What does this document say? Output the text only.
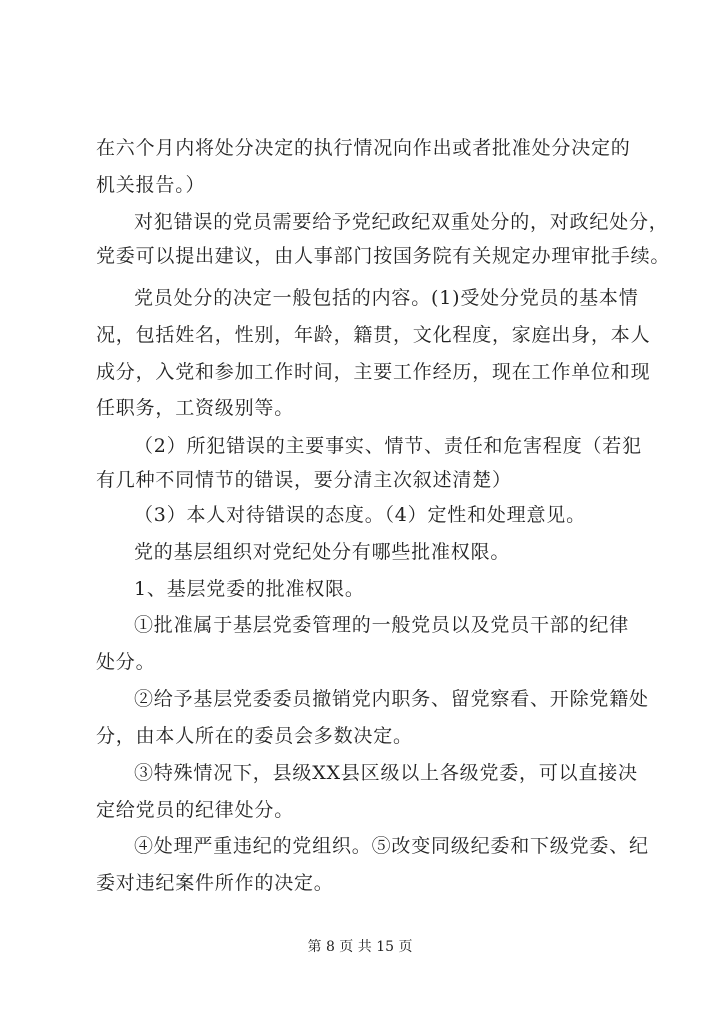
在六个月内将处分决定的执行情况向作出或者批准处分决定的

机关报告。）

对犯错误的党员需要给予党纪政纪双重处分的，对政纪处分，

党委可以提出建议，由人事部门按国务院有关规定办理审批手续。

党员处分的决定一般包括的内容。(1)受处分党员的基本情

况，包括姓名，性别，年龄，籍贯，文化程度，家庭出身，本人

成分，入党和参加工作时间，主要工作经历，现在工作单位和现

任职务，工资级别等。

（2）所犯错误的主要事实、情节、责任和危害程度（若犯

有几种不同情节的错误，要分清主次叙述清楚）

（3）本人对待错误的态度。（4）定性和处理意见。

党的基层组织对党纪处分有哪些批准权限。

1、基层党委的批准权限。

①批准属于基层党委管理的一般党员以及党员干部的纪律

处分。

②给予基层党委委员撤销党内职务、留党察看、开除党籍处

分，由本人所在的委员会多数决定。

③特殊情况下，县级XX县区级以上各级党委，可以直接决

定给党员的纪律处分。

④处理严重违纪的党组织。⑤改变同级纪委和下级党委、纪

委对违纪案件所作的决定。

第 8 页 共 15 页
